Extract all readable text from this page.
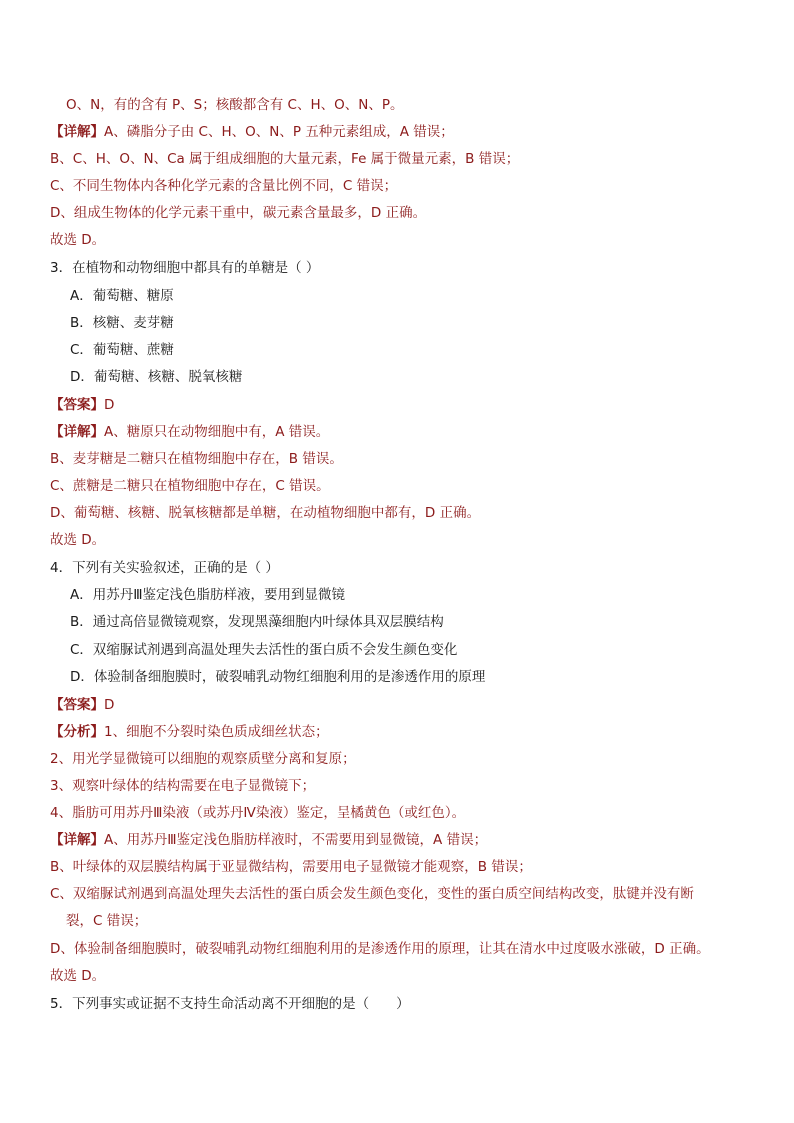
O、N，有的含有 P、S；核酸都含有 C、H、O、N、P。
【详解】A、磷脂分子由 C、H、O、N、P 五种元素组成，A 错误；
B、C、H、O、N、Ca 属于组成细胞的大量元素，Fe 属于微量元素，B 错误；
C、不同生物体内各种化学元素的含量比例不同，C 错误；
D、组成生物体的化学元素干重中，碳元素含量最多，D 正确。
故选 D。
3．在植物和动物细胞中都具有的单糖是（ ）
A．葡萄糖、糖原
B．核糖、麦芽糖
C．葡萄糖、蔗糖
D．葡萄糖、核糖、脱氧核糖
【答案】D
【详解】A、糖原只在动物细胞中有，A 错误。
B、麦芽糖是二糖只在植物细胞中存在，B 错误。
C、蔗糖是二糖只在植物细胞中存在，C 错误。
D、葡萄糖、核糖、脱氧核糖都是单糖，在动植物细胞中都有，D 正确。
故选 D。
4．下列有关实验叙述，正确的是（ ）
A．用苏丹Ⅲ鉴定浅色脂肪样液，要用到显微镜
B．通过高倍显微镜观察，发现黑藻细胞内叶绿体具双层膜结构
C．双缩脲试剂遇到高温处理失去活性的蛋白质不会发生颜色变化
D．体验制备细胞膜时，破裂哺乳动物红细胞利用的是渗透作用的原理
【答案】D
【分析】1、细胞不分裂时染色质成细丝状态；
2、用光学显微镜可以细胞的观察质壁分离和复原；
3、观察叶绿体的结构需要在电子显微镜下；
4、脂肪可用苏丹Ⅲ染液（或苏丹Ⅳ染液）鉴定，呈橘黄色（或红色）。
【详解】A、用苏丹Ⅲ鉴定浅色脂肪样液时，不需要用到显微镜，A 错误；
B、叶绿体的双层膜结构属于亚显微结构，需要用电子显微镜才能观察，B 错误；
C、双缩脲试剂遇到高温处理失去活性的蛋白质会发生颜色变化，变性的蛋白质空间结构改变，肽键并没有断
裂，C 错误；
D、体验制备细胞膜时，破裂哺乳动物红细胞利用的是渗透作用的原理，让其在清水中过度吸水涨破，D 正确。
故选 D。
5．下列事实或证据不支持生命活动离不开细胞的是（　　）
